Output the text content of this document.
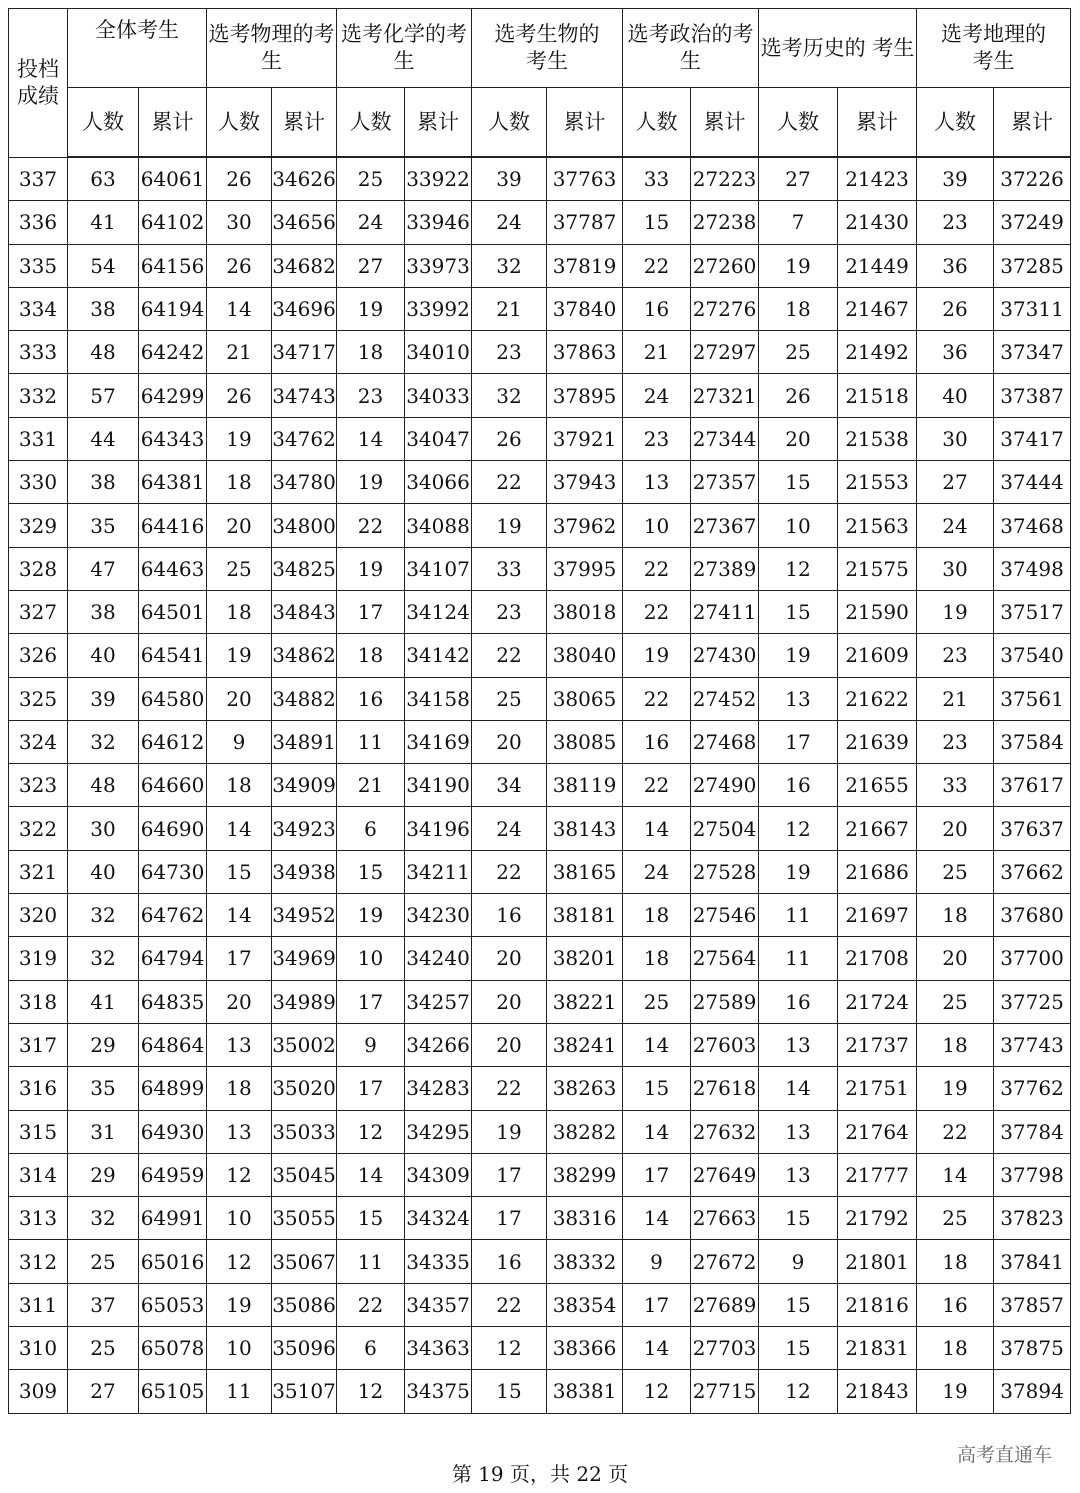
投档成绩	全体考生		选考物理的考生		选考化学的考生		选考生物的考生		选考政治的考生		选考历史的 考生		选考地理的考生	
	人数	累计	人数	累计	人数	累计	人数	累计	人数	累计	人数	累计	人数	累计
337	63	64061	26	34626	25	33922	39	37763	33	27223	27	21423	39	37226
336	41	64102	30	34656	24	33946	24	37787	15	27238	7	21430	23	37249
335	54	64156	26	34682	27	33973	32	37819	22	27260	19	21449	36	37285
334	38	64194	14	34696	19	33992	21	37840	16	27276	18	21467	26	37311
333	48	64242	21	34717	18	34010	23	37863	21	27297	25	21492	36	37347
332	57	64299	26	34743	23	34033	32	37895	24	27321	26	21518	40	37387
331	44	64343	19	34762	14	34047	26	37921	23	27344	20	21538	30	37417
330	38	64381	18	34780	19	34066	22	37943	13	27357	15	21553	27	37444
329	35	64416	20	34800	22	34088	19	37962	10	27367	10	21563	24	37468
328	47	64463	25	34825	19	34107	33	37995	22	27389	12	21575	30	37498
327	38	64501	18	34843	17	34124	23	38018	22	27411	15	21590	19	37517
326	40	64541	19	34862	18	34142	22	38040	19	27430	19	21609	23	37540
325	39	64580	20	34882	16	34158	25	38065	22	27452	13	21622	21	37561
324	32	64612	9	34891	11	34169	20	38085	16	27468	17	21639	23	37584
323	48	64660	18	34909	21	34190	34	38119	22	27490	16	21655	33	37617
322	30	64690	14	34923	6	34196	24	38143	14	27504	12	21667	20	37637
321	40	64730	15	34938	15	34211	22	38165	24	27528	19	21686	25	37662
320	32	64762	14	34952	19	34230	16	38181	18	27546	11	21697	18	37680
319	32	64794	17	34969	10	34240	20	38201	18	27564	11	21708	20	37700
318	41	64835	20	34989	17	34257	20	38221	25	27589	16	21724	25	37725
317	29	64864	13	35002	9	34266	20	38241	14	27603	13	21737	18	37743
316	35	64899	18	35020	17	34283	22	38263	15	27618	14	21751	19	37762
315	31	64930	13	35033	12	34295	19	38282	14	27632	13	21764	22	37784
314	29	64959	12	35045	14	34309	17	38299	17	27649	13	21777	14	37798
313	32	64991	10	35055	15	34324	17	38316	14	27663	15	21792	25	37823
312	25	65016	12	35067	11	34335	16	38332	9	27672	9	21801	18	37841
311	37	65053	19	35086	22	34357	22	38354	17	27689	15	21816	16	37857
310	25	65078	10	35096	6	34363	12	38366	14	27703	15	21831	18	37875
309	27	65105	11	35107	12	34375	15	38381	12	27715	12	21843	19	37894
高考直通车
第 19 页，共 22 页
